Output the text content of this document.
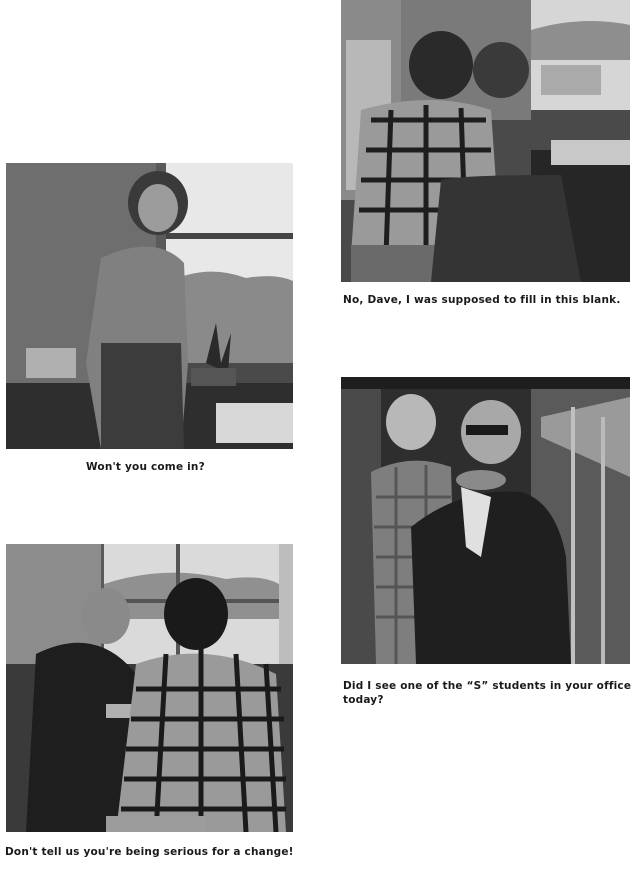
Won't you come in?
No, Dave, I was supposed to fill in this blank.
Did I see one of the “S” students in your office today?
Don't tell us you're being serious for a change!
